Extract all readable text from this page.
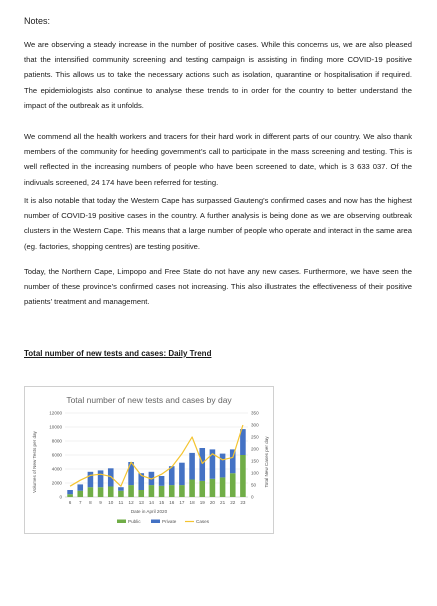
Notes:

We are observing a steady increase in the number of positive cases. While this concerns us, we are also pleased that the intensified community screening and testing campaign is assisting in finding more COVID-19 positive patients. This allows us to take the necessary actions such as isolation, quarantine or hospitalisation if required. The epidemiologists also continue to analyse these trends to in order for the country to better understand the impact of the outbreak as it unfolds.

We commend all the health workers and tracers for their hard work in different parts of our country. We also thank members of the community for heeding government’s call to participate in the mass screening and testing. This is well reflected in the increasing numbers of people who have been screened to date, which is 3 633 037. Of the indivuals screened, 24 174 have been referred for testing.

It is also notable that today the Western Cape has surpassed Gauteng’s confirmed cases and now has the highest number of COVID-19 positive cases in the country. A further analysis is being done as we are observing outbreak clusters in the Western Cape. This means that a large number of people who operate and interact in the same area (eg. factories, shopping centres) are testing positive.

Today, the Northern Cape, Limpopo and Free State do not have any new cases. Furthermore, we have seen the number of these province’s confirmed cases not increasing. This also illustrates the effectiveness of their positive patients’ treatment and management.

Total number of new tests and cases: Daily Trend
Total number of new tests and cases by day
0
2000
4000
6000
8000
10000
12000
0
50
100
150
200
250
300
350
6 7 8 9 10 11 12 13 14 15 16 17 18 19 20 21 22 23
Date in April 2020
Volumes of New Tests per day	Total New Cases per day
Public	Private	Cases
